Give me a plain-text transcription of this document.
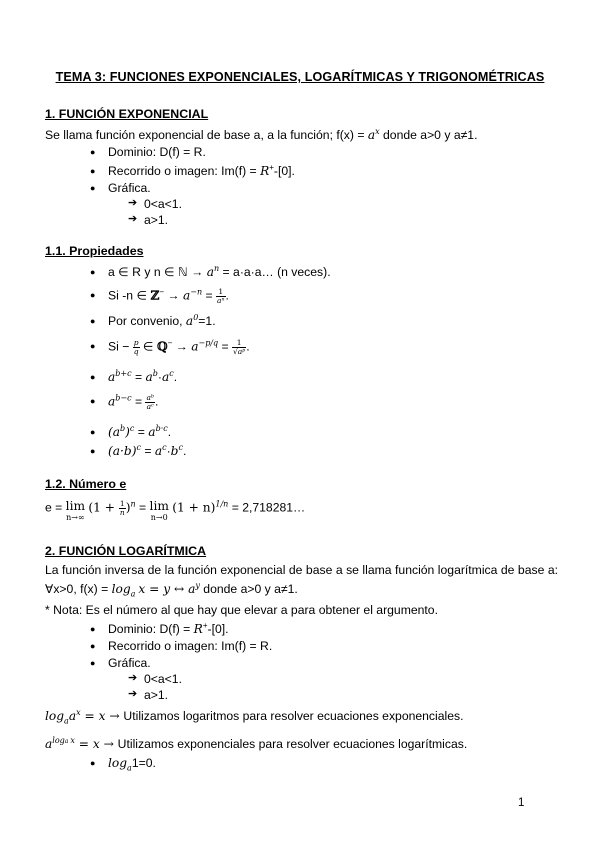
TEMA 3: FUNCIONES EXPONENCIALES, LOGARÍTMICAS Y TRIGONOMÉTRICAS
1. FUNCIÓN EXPONENCIAL
Se llama función exponencial de base a, a la función; $f(x) = a^x$ donde a>0 y a≠1.
● Dominio: D(f) = R.
● Recorrido o imagen: Im(f) = R+-[0].
● Gráfica.
➔ 0<a<1.
➔ a>1.
1.1. Propiedades
● a ∈ R y n ∈ ℕ → $a^n$ = a·a·a… (n veces).
● Si -n ∈ ℤ− → $a^{-n} = \frac{1}{\text{aⁿ}}$ .
● Por convenio, $a^0=1$.
● $Si - \frac{p}{q}$ ∈ ℚ− → $a^{-p/q} = \frac{1}{\text{√aᵖ}}$ .
● $a^{b+c} = a^b\cdot a^c$.
● $a^{b-c} = \frac{\text{aᵇ}}{\text{aᶜ}}$ .
● $(a^b)^c = a^{b\cdot c}$.
● $(a\cdot b)^c = a^c\cdot b^c$.
1.2. Número e
e = lim
n→∞
$(1 + \frac{1}{n} )^n = \lim$
n→0
$(1 + n)^{1/n}$ = 2,718281…
2. FUNCIÓN LOGARÍTMICA
La función inversa de la función exponencial de base a se llama función logarítmica de base a:
∀x>0, $f(x) = \log_a x = y$ ↔ $a^y$ donde a>0 y a≠1.
* Nota: Es el número al que hay que elevar a para obtener el argumento.
● Dominio: D(f) = R+-[0].
● Recorrido o imagen: Im(f) = R.
● Gráfica.
➔ 0<a<1.
➔ a>1.
$\log_aa^x = x$ → Utilizamos logaritmos para resolver ecuaciones exponenciales.
$a^{loga x} = x$ → Utilizamos exponenciales para resolver ecuaciones logarítmicas.
● $\log_a1=0$.
1
